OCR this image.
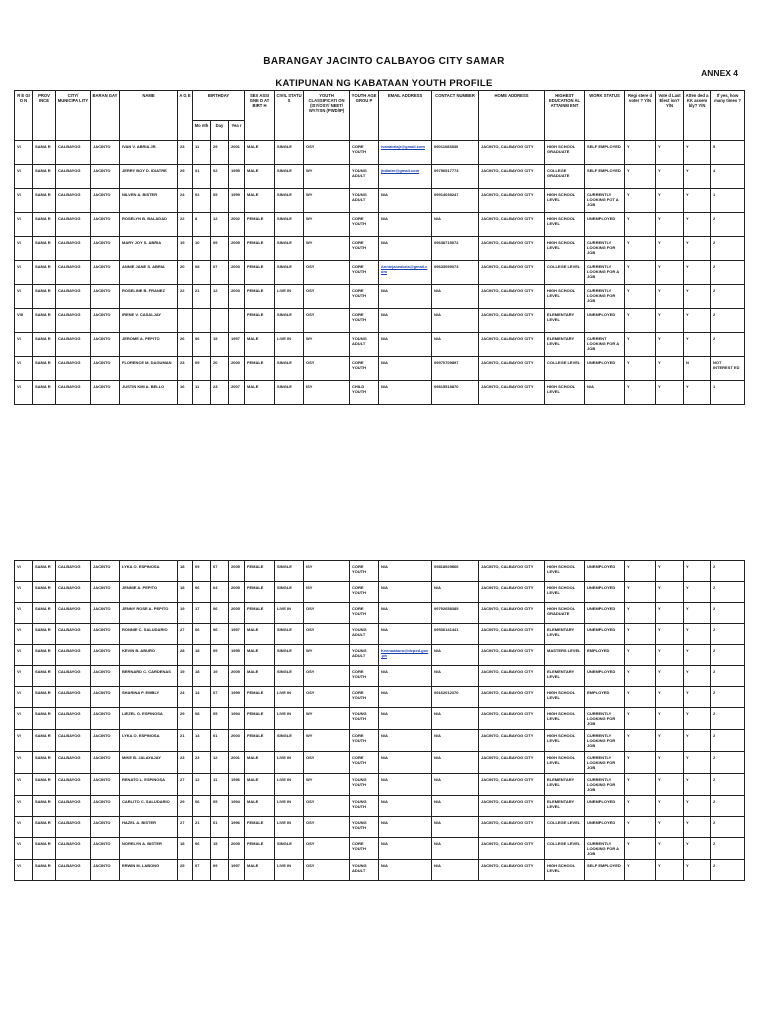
BARANGAY JACINTO CALBAYOG CITY SAMAR
ANNEX 4
KATIPUNAN NG KABATAAN YOUTH PROFILE
R E GI O N	PROV INCE	CITY/ MUNICIPA LITY	BARAN GAY	NAME	A G E	BIRTHDAY			SEX ASSI GNE D AT BIRT H	CIVIL STATU S	YOUTH CLASSIFICATI ON (ISY/OSY/ NEET/ WY/YSN (PWD/IP)	YOUTH AGE GROU P	EMAIL ADDRESS	CONTACT NUMBER	HOME ADDRESS	HIGHEST EDUCATION AL ATTAINM ENT	WORK STATUS	Regi stere d voter ? Y/N	Vote d Last Elect ion? Y/N	Atten ded a KK assem bly? Y/N	If yes, how many times ?
						Mo nth	Day	Yea r													
VI	SAMA R	CALBAYOG	JACINTO	IVAN V. ABRIA JR.	23	11	29	2001	MALE	SINGLE	OSY	CORE YOUTH	ivanabriajr@gmail.com	09011083830	JACINTO, CALBAYOG CITY	HIGH SCHOOL GRADUATE	SELF EMPLOYED	Y	Y	Y	5
VI	SAMA R	CALBAYOG	JACINTO	JERRY BOY D. IDIATRE	29	01	02	1995	MALE	SINGLE	WY	YOUNG ADULT	jbdiatre@gmail.com	09756517773	JACINTO, CALBAYOG CITY	COLLEGE GRADUATE	SELF EMPLOYED	Y	Y	Y	4
VI	SAMA R	CALBAYOG	JACINTO	NILVEN A. BISTER	24	02	05	1999	MALE	SINGLE	WY	YOUNG ADULT	N/A	09914038247	JACINTO, CALBAYOG CITY	HIGH SCHOOL LEVEL	CURRENTLY LOOKING FOT A JOB	Y	Y	Y	1
VI	SAMA R	CALBAYOG	JACINTO	ROSELYN B. BALADAD	22	8	12	2002	FEMALE	SINGLE	WY	CORE YOUTH	N/A	N/A	JACINTO, CALBAYOG CITY	HIGH SCHOOL LEVEL	UNEMPLOYED	Y	Y	Y	2
VI	SAMA R	CALBAYOG	JACINTO	MARY JOY S. ABRIA	19	10	09	2005	FEMALE	SINGLE	WY	CORE YOUTH	N/A	09638715072	JACINTO, CALBAYOG CITY	HIGH SCHOOL LEVEL	CURRENTLY LOOKING FOR JOB	Y	Y	Y	2
VI	SAMA R	CALBAYOG	JACINTO	ANNIE JANE S. ABRIA	20	08	07	2003	FEMALE	SINGLE	OSY	CORE YOUTH	Anniejaneabria@gmail.com	09633059073	JACINTO, CALBAYOG CITY	COLLEGE LEVEL	CURRENTLY LOOKING FOR A JOB	Y	Y	Y	2
VI	SAMA R	CALBAYOG	JACINTO	ROSELINE B. FRANEZ	22	21	12	2003	FEMALE	LIVE IN	OSY	CORE YOUTH	N/A	N/A	JACINTO, CALBAYOG CITY	HIGH SCHOOL LEVEL	CURRENTLY LOOKING FOR JOB	Y	Y	Y	2
VIII	SAMA R	CALBAYOG	JACINTO	IRENE V. CASALJAY					FEMALE	SINGLE	OSY	CORE YOUTH	N/A	N/A	JACINTO, CALBAYOG CITY	ELEMENTARY LEVEL	UNEMPLOYED	Y	Y	Y	2
VI	SAMA R	CALBAYOG	JACINTO	JEROME A. PEPITO	26	06	15	1997	MALE	LIVE IN	WY	YOUNG ADULT	N/A	N/A	JACINTO, CALBAYOG CITY	ELEMENTARY LEVEL	CURRENT LOOKING FOR A JOB	Y	Y	Y	2
VI	SAMA R	CALBAYOG	JACINTO	FLORENCE M. DAGUMAN	23	09	20	2000	FEMALE	SINGLE	OSY	CORE YOUTH	N/A	09970709897	JACINTO, CALBAYOG CITY	COLLEGE LEVEL	UNEMPLOYED	Y	Y	N	NOT INTEREST ED
VI	SAMA R	CALBAYOG	JACINTO	JUSTIN KIM A. BELLO	16	11	23	2007	MALE	SINGLE	ISY	CHILD YOUTH	N/A	09815518870	JACINTO, CALBAYOG CITY	HIGH SCHOOL LEVEL	N/A	Y	Y	Y	1
VI	SAMA R	CALBAYOG	JACINTO	LYKA O. ESPINOSA	18	09	07	2005	FEMALE	SINGLE	ISY	CORE YOUTH	N/A	09818929866	JACINTO, CALBAYOG CITY	HIGH SCHOOL LEVEL	UNEMPLOYED	Y	Y	Y	2
VI	SAMA R	CALBAYOG	JACINTO	JENNIE A. PEPITO	18	06	04	2005	FEMALE	SINGLE	ISY	CORE YOUTH	N/A	N/A	JACINTO, CALBAYOG CITY	HIGH SCHOOL LEVEL	UNEMPLOYED	Y	Y	Y	2
VI	SAMA R	CALBAYOG	JACINTO	JENNY ROSE A. PEPITO	19	17	06	2005	FEMALE	LIVE IN	OSY	CORE YOUTH	N/A	09792658385	JACINTO, CALBAYOG CITY	HIGH SCHOOL GRADUATE	UNEMPLOYED	Y	Y	Y	2
VI	SAMA R	CALBAYOG	JACINTO	RONNIE C. SALUDARIO	27	06	06	1997	MALE	SINGLE	OSY	YOUNG ADULT	N/A	09536141441	JACINTO, CALBAYOG CITY	ELEMENTARY LEVEL	UNEMPLOYED	Y	Y	Y	2
VI	SAMA R	CALBAYOG	JACINTO	KEVIN B. ABURO	28	18	09	1995	MALE	SINGLE	WY	YOUNG ADULT	Kvenuaburo@deped.gov.ph	N/A	JACINTO, CALBAYOG CITY	MASTERS LEVEL	EMPLOYED	Y	Y	Y	2
VI	SAMA R	CALBAYOG	JACINTO	BERNARD C. CARDENAS	19	18	19	2005	MALE	SINGLE	OSY	CORE YOUTH	N/A	N/A	JACINTO, CALBAYOG CITY	ELEMENTARY LEVEL	UNEMPLOYED	Y	Y	Y	2
VI	SAMA R	CALBAYOG	JACINTO	SHARINA P. EMBLY	24	14	07	1999	FEMALE	LIVE IN	OSY	CORE YOUTH	N/A	09162012370	JACINTO, CALBAYOG CITY	HIGH SCHOOL LEVEL	EMPLOYED	Y	Y	Y	2
VI	SAMA R	CALBAYOG	JACINTO	LIEZEL O. ESPINOSA	29	08	05	1994	FEMALE	LIVE IN	WY	YOUNG YOUTH	N/A	N/A	JACINTO, CALBAYOG CITY	HIGH SCHOOL LEVEL	CURRENTLY LOOKING FOR JOB	Y	Y	Y	2
VI	SAMA R	CALBAYOG	JACINTO	LYKA O. ESPINOSA	21	14	01	2003	FEMALE	SINGLE	WY	CORE YOUTH	N/A	N/A	JACINTO, CALBAYOG CITY	HIGH SCHOOL LEVEL	CURRENTLY LOOKING FOR JOB	Y	Y	Y	2
VI	SAMA R	CALBAYOG	JACINTO	MIKE B. JALAYAJAY	23	23	12	2001	MALE	LIVE IN	OSY	CORE YOUTH	N/A	N/A	JACINTO, CALBAYOG CITY	HIGH SCHOOL LEVEL	CURRENTLY LOOKING FOR JOB	Y	Y	Y	2
VI	SAMA R	CALBAYOG	JACINTO	RENATO L. ESPINOSA	27	12	11	1996	MALE	LIVE IN	WY	YOUNG YOUTH	N/A	N/A	JACINTO, CALBAYOG CITY	ELEMENTARY LEVEL	CURRENTLY LOOKING FOR JOB	Y	Y	Y	2
VI	SAMA R	CALBAYOG	JACINTO	CARLITO C. SALUDARIO	29	06	05	1994	MALE	LIVE IN	OSY	YOUNG YOUTH	N/A	N/A	JACINTO, CALBAYOG CITY	ELEMENTARY LEVEL	UNEMPLOYED	Y	Y	Y	2
VI	SAMA R	CALBAYOG	JACINTO	HAZEL A. BISTER	27	21	01	1996	FEMALE	LIVE IN	OSY	YOUNG YOUTH	N/A	N/A	JACINTO, CALBAYOG CITY	COLLEGE LEVEL	UNEMPLOYED	Y	Y	Y	2
VI	SAMA R	CALBAYOG	JACINTO	NORELYN A. BISTER	18	06	15	2005	FEMALE	SINGLE	OSY	CORE YOUTH	N/A	N/A	JACINTO, CALBAYOG CITY	COLLEGE LEVEL	CURRENTLY LOOKING FOR A JOB	Y	Y	Y	2
VI	SAMA R	CALBAYOG	JACINTO	ERWIN M. LABONG	25	07	09	1997	MALE	LIVE IN	OSY	YOUNG ADULT	N/A	N/A	JACINTO, CALBAYOG CITY	HIGH SCHOOL LEVEL	SELF EMPLOYED	Y	Y	Y	2
